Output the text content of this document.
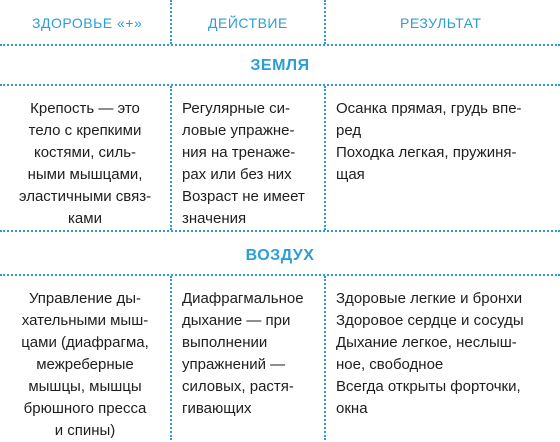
ЗДОРОВЬЕ «+»	ДЕЙСТВИЕ	РЕЗУЛЬТАТ
ЗЕМЛЯ
Крепость — это
тело с крепкими
костями, силь-
ными мышцами,
эластичными связ-
ками
Регулярные си-
ловые упражне-
ния на тренажe-
рах или без них
Возраст не имеет
значения
Осанка прямая, грудь впе-
ред
Походка легкая, пружиня-
щая
ВОЗДУХ
Управление ды-
хательными мыш-
цами (диафрагма,
межреберные
мышцы, мышцы
брюшного пресса
и спины)
Диафрагмальное
дыхание — при
выполнении
упражнений —
силовых, растя-
гивающих
Здоровые легкие и бронхи
Здоровое сердце и сосуды
Дыхание легкое, неслыш-
ное, свободное
Всегда открыты форточки,
окна
